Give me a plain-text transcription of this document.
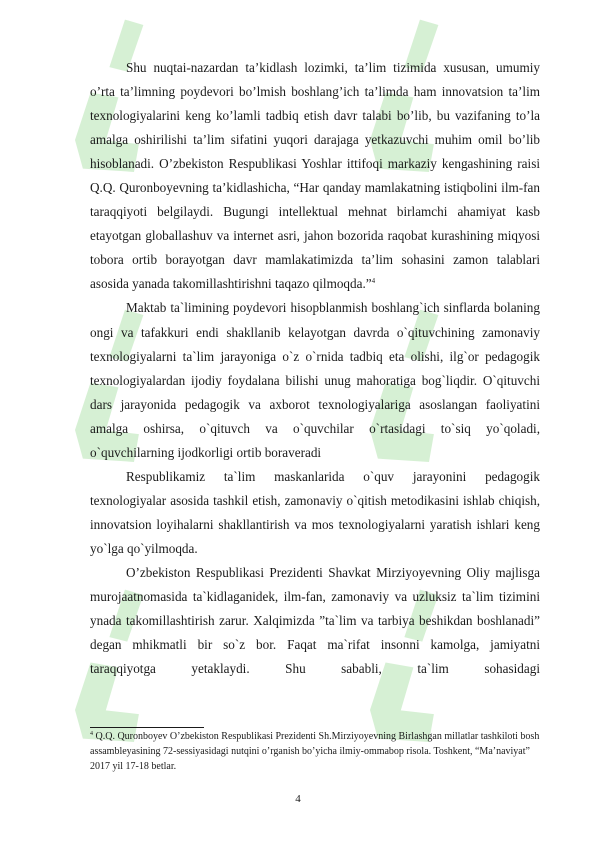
Shu nuqtai-nazardan ta’kidlash lozimki, ta’lim tizimida xususan, umumiy o’rta ta’limning poydevori bo’lmish boshlang’ich ta’limda ham innovatsion ta’lim texnologiyalarini keng ko’lamli tadbiq etish davr talabi bo’lib, bu vazifaning to’la amalga oshirilishi ta’lim sifatini yuqori darajaga yetkazuvchi muhim omil bo’lib hisoblanadi. O’zbekiston Respublikasi Yoshlar ittifoqi markaziy kengashining raisi Q.Q. Quronboyevning ta’kidlashicha, “Har qanday mamlakatning istiqbolini ilm-fan taraqqiyoti belgilaydi. Bugungi intellektual mehnat birlamchi ahamiyat kasb etayotgan globallashuv va internet asri, jahon bozorida raqobat kurashining miqyosi tobora ortib borayotgan davr mamlakatimizda ta’lim sohasini zamon talablari asosida yanada takomillashtirishni taqazo qilmoqda.”$^4$

Maktab ta`limining poydevori hisopblanmish boshlang`ich sinflarda bolaning ongi va tafakkuri endi shakllanib kelayotgan davrda o`qituvchining zamonaviy texnologiyalarni ta`lim jarayoniga o`z o`rnida tadbiq eta olishi, ilg`or pedagogik texnologiyalardan ijodiy foydalana bilishi unug mahoratiga bog`liqdir. O`qituvchi dars jarayonida pedagogik va axborot texnologiyalariga asoslangan faoliyatini amalga oshirsa, o`qituvch va o`quvchilar o`rtasidagi to`siq yo`qoladi, o`quvchilarning ijodkorligi ortib boraveradi

Respublikamiz ta`lim maskanlarida o`quv jarayonini pedagogik texnologiyalar asosida tashkil etish, zamonaviy o`qitish metodikasini ishlab chiqish, innovatsion loyihalarni shakllantirish va mos texnologiyalarni yaratish ishlari keng yo`lga qo`yilmoqda.

O’zbekiston Respublikasi Prezidenti Shavkat Mirziyoyevning Oliy majlisga murojaatnomasida ta`kidlaganidek, ilm-fan, zamonaviy va uzluksiz ta`lim tizimini ynada takomillashtirish zarur. Xalqimizda ”ta`lim va tarbiya beshikdan boshlanadi” degan mhikmatli bir so`z bor. Faqat ma`rifat insonni kamolga, jamiyatni taraqqiyotga yetaklaydi. Shu sababli, ta`lim sohasidagi

$^4$ Q.Q. Quronboyev O’zbekiston Respublikasi Prezidenti Sh.Mirziyoyevning Birlashgan millatlar tashkiloti bosh assambleyasining 72-sessiyasidagi nutqini o’rganish bo’yicha ilmiy-ommabop risola. Toshkent, “Ma’naviyat” 2017 yil 17-18 betlar.
4
